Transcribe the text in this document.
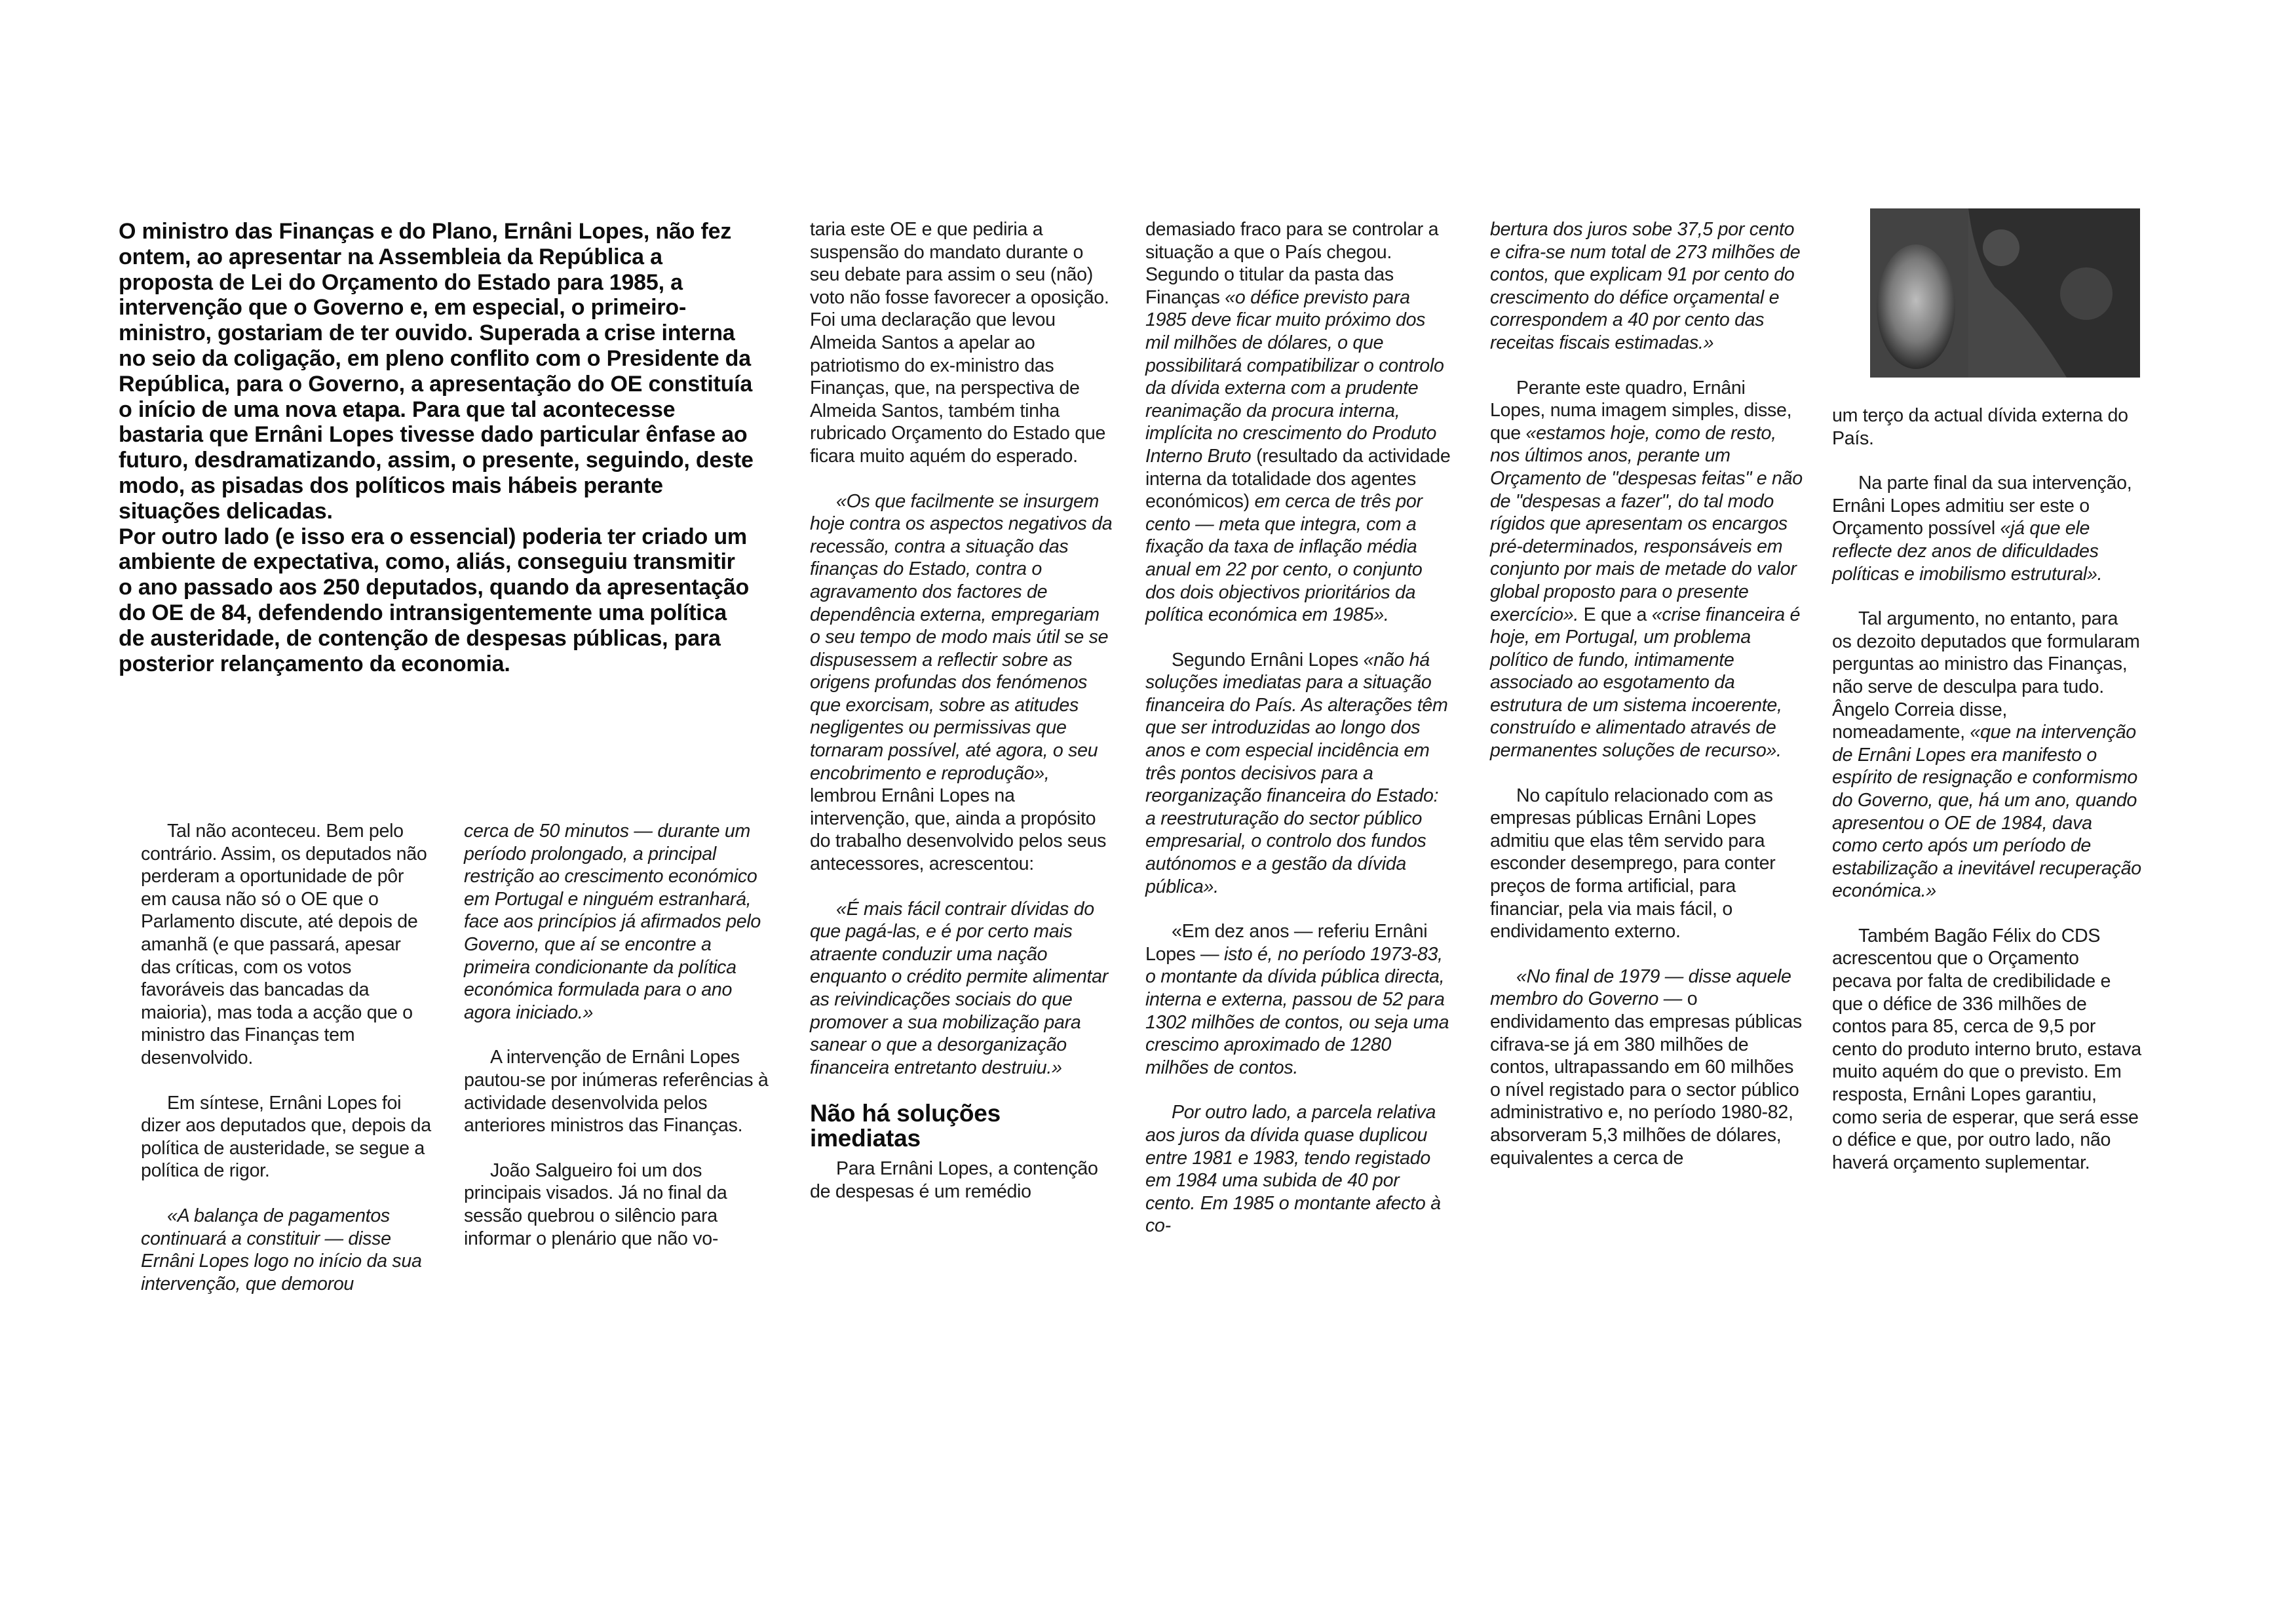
O ministro das Finanças e do Plano, Ernâni Lopes, não fez ontem, ao apresentar na Assembleia da República a proposta de Lei do Orçamento do Estado para 1985, a intervenção que o Governo e, em especial, o primeiro-ministro, gostariam de ter ouvido. Superada a crise interna no seio da coligação, em pleno conflito com o Presidente da República, para o Governo, a apresentação do OE constituía o início de uma nova etapa. Para que tal acontecesse bastaria que Ernâni Lopes tivesse dado particular ênfase ao futuro, desdramatizando, assim, o presente, seguindo, deste modo, as pisadas dos políticos mais hábeis perante situações delicadas.

Por outro lado (e isso era o essencial) poderia ter criado um ambiente de expectativa, como, aliás, conseguiu transmitir o ano passado aos 250 deputados, quando da apresentação do OE de 84, defendendo intransigentemente uma política de austeridade, de contenção de despesas públicas, para posterior relançamento da economia.

Tal não aconteceu. Bem pelo contrário. Assim, os deputados não perderam a oportunidade de pôr em causa não só o OE que o Parlamento discute, até depois de amanhã (e que passará, apesar das críticas, com os votos favoráveis das bancadas da maioria), mas toda a acção que o ministro das Finanças tem desenvolvido.

Em síntese, Ernâni Lopes foi dizer aos deputados que, depois da política de austeridade, se segue a política de rigor.

«A balança de pagamentos continuará a constituir — disse Ernâni Lopes logo no início da sua intervenção, que demorou

cerca de 50 minutos — durante um período prolongado, a principal restrição ao crescimento económico em Portugal e ninguém estranhará, face aos princípios já afirmados pelo Governo, que aí se encontre a primeira condicionante da política económica formulada para o ano agora iniciado.»

A intervenção de Ernâni Lopes pautou-se por inúmeras referências à actividade desenvolvida pelos anteriores ministros das Finanças.

João Salgueiro foi um dos principais visados. Já no final da sessão quebrou o silêncio para informar o plenário que não vo-

taria este OE e que pediria a suspensão do mandato durante o seu debate para assim o seu (não) voto não fosse favorecer a oposição. Foi uma declaração que levou Almeida Santos a apelar ao patriotismo do ex-ministro das Finanças, que, na perspectiva de Almeida Santos, também tinha rubricado Orçamento do Estado que ficara muito aquém do esperado.

«Os que facilmente se insurgem hoje contra os aspectos negativos da recessão, contra a situação das finanças do Estado, contra o agravamento dos factores de dependência externa, empregariam o seu tempo de modo mais útil se se dispusessem a reflectir sobre as origens profundas dos fenómenos que exorcisam, sobre as atitudes negligentes ou permissivas que tornaram possível, até agora, o seu encobrimento e reprodução», lembrou Ernâni Lopes na intervenção, que, ainda a propósito do trabalho desenvolvido pelos seus antecessores, acrescentou:

«É mais fácil contrair dívidas do que pagá-las, e é por certo mais atraente conduzir uma nação enquanto o crédito permite alimentar as reivindicações sociais do que promover a sua mobilização para sanear o que a desorganização financeira entretanto destruiu.»

Não há soluções imediatas

Para Ernâni Lopes, a contenção de despesas é um remédio

demasiado fraco para se controlar a situação a que o País chegou. Segundo o titular da pasta das Finanças «o défice previsto para 1985 deve ficar muito próximo dos mil milhões de dólares, o que possibilitará compatibilizar o controlo da dívida externa com a prudente reanimação da procura interna, implícita no crescimento do Produto Interno Bruto (resultado da actividade interna da totalidade dos agentes económicos) em cerca de três por cento — meta que integra, com a fixação da taxa de inflação média anual em 22 por cento, o conjunto dos dois objectivos prioritários da política económica em 1985».

Segundo Ernâni Lopes «não há soluções imediatas para a situação financeira do País. As alterações têm que ser introduzidas ao longo dos anos e com especial incidência em três pontos decisivos para a reorganização financeira do Estado: a reestruturação do sector público empresarial, o controlo dos fundos autónomos e a gestão da dívida pública».

«Em dez anos — referiu Ernâni Lopes — isto é, no período 1973-83, o montante da dívida pública directa, interna e externa, passou de 52 para 1302 milhões de contos, ou seja uma crescimo aproximado de 1280 milhões de contos.

Por outro lado, a parcela relativa aos juros da dívida quase duplicou entre 1981 e 1983, tendo registado em 1984 uma subida de 40 por cento. Em 1985 o montante afecto à co-

bertura dos juros sobe 37,5 por cento e cifra-se num total de 273 milhões de contos, que explicam 91 por cento do crescimento do défice orçamental e correspondem a 40 por cento das receitas fiscais estimadas.»

Perante este quadro, Ernâni Lopes, numa imagem simples, disse, que «estamos hoje, como de resto, nos últimos anos, perante um Orçamento de "despesas feitas" e não de "despesas a fazer", do tal modo rígidos que apresentam os encargos pré-determinados, responsáveis em conjunto por mais de metade do valor global proposto para o presente exercício». E que a «crise financeira é hoje, em Portugal, um problema político de fundo, intimamente associado ao esgotamento da estrutura de um sistema incoerente, construído e alimentado através de permanentes soluções de recurso».

No capítulo relacionado com as empresas públicas Ernâni Lopes admitiu que elas têm servido para esconder desemprego, para conter preços de forma artificial, para financiar, pela via mais fácil, o endividamento externo.

«No final de 1979 — disse aquele membro do Governo — o endividamento das empresas públicas cifrava-se já em 380 milhões de contos, ultrapassando em 60 milhões o nível registado para o sector público administrativo e, no período 1980-82, absorveram 5,3 milhões de dólares, equivalentes a cerca de

um terço da actual dívida externa do País.

Na parte final da sua intervenção, Ernâni Lopes admitiu ser este o Orçamento possível «já que ele reflecte dez anos de dificuldades políticas e imobilismo estrutural».

Tal argumento, no entanto, para os dezoito deputados que formularam perguntas ao ministro das Finanças, não serve de desculpa para tudo. Ângelo Correia disse, nomeadamente, «que na intervenção de Ernâni Lopes era manifesto o espírito de resignação e conformismo do Governo, que, há um ano, quando apresentou o OE de 1984, dava como certo após um período de estabilização a inevitável recuperação económica.»

Também Bagão Félix do CDS acrescentou que o Orçamento pecava por falta de credibilidade e que o défice de 336 milhões de contos para 85, cerca de 9,5 por cento do produto interno bruto, estava muito aquém do que o previsto. Em resposta, Ernâni Lopes garantiu, como seria de esperar, que será esse o défice e que, por outro lado, não haverá orçamento suplementar.
